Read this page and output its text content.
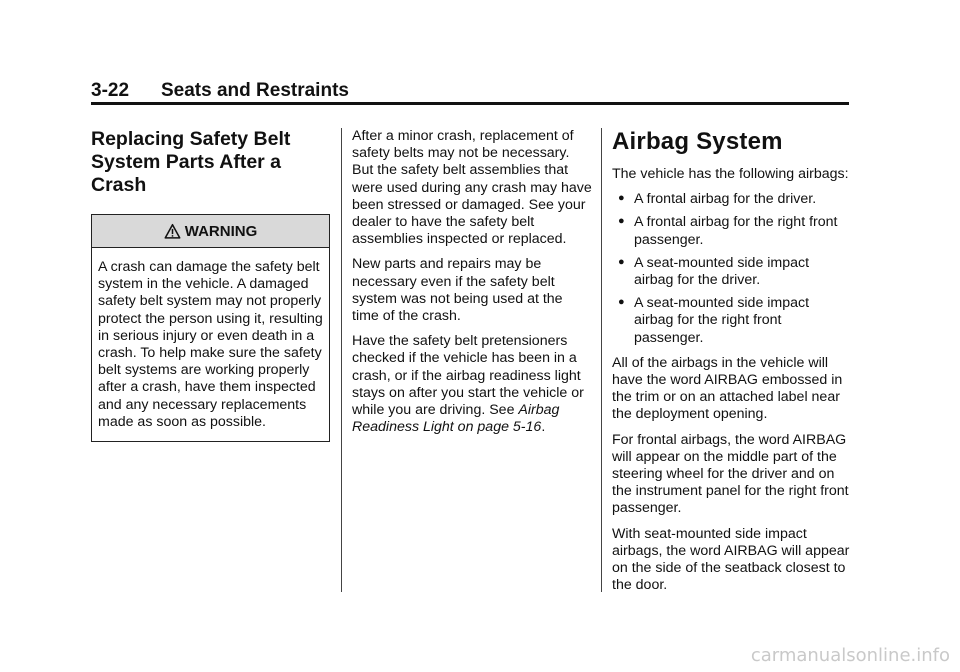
3-22 Seats and Restraints
Replacing Safety Belt System Parts After a Crash
WARNING

A crash can damage the safety belt system in the vehicle. A damaged safety belt system may not properly protect the person using it, resulting in serious injury or even death in a crash. To help make sure the safety belt systems are working properly after a crash, have them inspected and any necessary replacements made as soon as possible.

After a minor crash, replacement of safety belts may not be necessary. But the safety belt assemblies that were used during any crash may have been stressed or damaged. See your dealer to have the safety belt assemblies inspected or replaced.

New parts and repairs may be necessary even if the safety belt system was not being used at the time of the crash.

Have the safety belt pretensioners checked if the vehicle has been in a crash, or if the airbag readiness light stays on after you start the vehicle or while you are driving. See Airbag Readiness Light on page 5-16.

Airbag System

The vehicle has the following airbags:

● A frontal airbag for the driver.
● A frontal airbag for the right front passenger.
● A seat-mounted side impact airbag for the driver.
● A seat-mounted side impact airbag for the right front passenger.

All of the airbags in the vehicle will have the word AIRBAG embossed in the trim or on an attached label near the deployment opening.

For frontal airbags, the word AIRBAG will appear on the middle part of the steering wheel for the driver and on the instrument panel for the right front passenger.

With seat-mounted side impact airbags, the word AIRBAG will appear on the side of the seatback closest to the door.

carmanualsonline.info
